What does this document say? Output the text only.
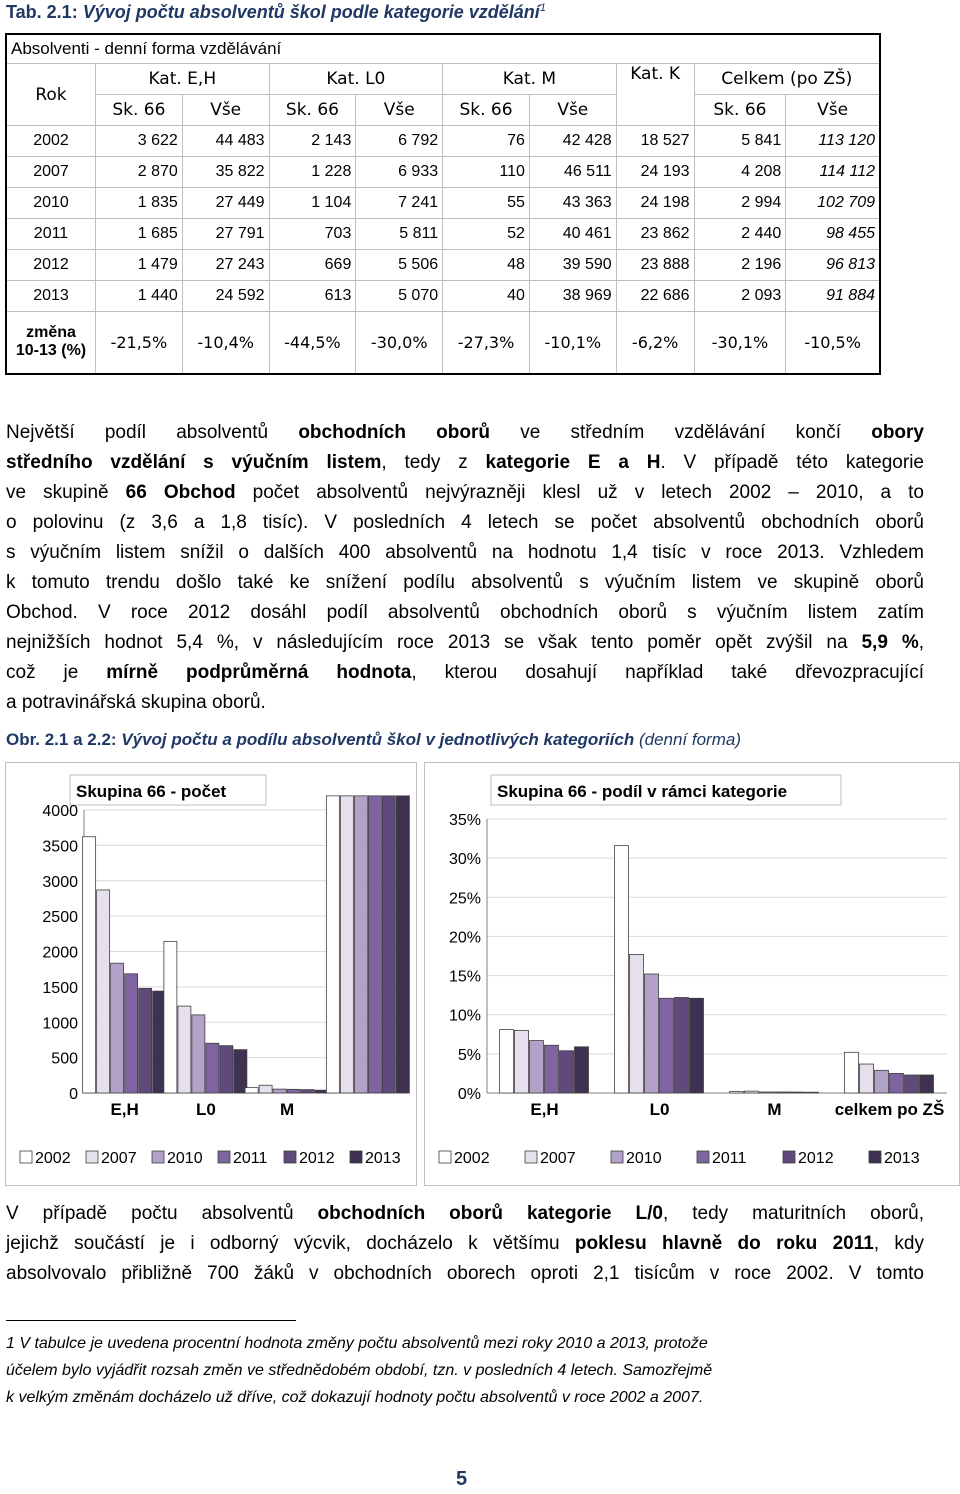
Tab. 2.1: Vývoj počtu absolventů škol podle kategorie vzdělání$^1$
Absolventi - denní forma vzdělávání									
Rok	Kat. E,H		Kat. L0		Kat. M		Kat. K	Celkem (po ZŠ)	
	Sk. 66	Vše	Sk. 66	Vše	Sk. 66	Vše		Sk. 66	Vše
2002	3 622	44 483	2 143	6 792	76	42 428	18 527	5 841	113 120
2007	2 870	35 822	1 228	6 933	110	46 511	24 193	4 208	114 112
2010	1 835	27 449	1 104	7 241	55	43 363	24 198	2 994	102 709
2011	1 685	27 791	703	5 811	52	40 461	23 862	2 440	98 455
2012	1 479	27 243	669	5 506	48	39 590	23 888	2 196	96 813
2013	1 440	24 592	613	5 070	40	38 969	22 686	2 093	91 884
změna
10-13 (%)	-21,5%	-10,4%	-44,5%	-30,0%	-27,3%	-10,1%	-6,2%	-30,1%	-10,5%
Největší podíl absolventů obchodních oborů ve středním vzdělávání končí obory
středního vzdělání s výučním listem, tedy z kategorie E a H. V případě této kategorie
ve skupině 66 Obchod počet absolventů nejvýrazněji klesl už v letech 2002 – 2010, a to
o polovinu (z 3,6 a 1,8 tisíc). V posledních 4 letech se počet absolventů obchodních oborů
s výučním listem snížil o dalších 400 absolventů na hodnotu 1,4 tisíc v roce 2013. Vzhledem
k tomuto trendu došlo také ke snížení podílu absolventů s výučním listem ve skupině oborů
Obchod. V roce 2012 dosáhl podíl absolventů obchodních oborů s výučním listem zatím
nejnižších hodnot 5,4 %, v následujícím roce 2013 se však tento poměr opět zvýšil na 5,9 %,
což je mírně podprůměrná hodnota, kterou dosahují například také dřevozpracující
a potravinářská skupina oborů.
Obr. 2.1 a 2.2: Vývoj počtu a podílu absolventů škol v jednotlivých kategoriích (denní forma)
Skupina 66 - počet
0
500
1000
1500
2000
2500
3000
3500
4000
E,H	L0	M
2002 2007 2010 2011 2012 2013
Skupina 66 - podíl v rámci kategorie
0%
5%
10%
15%
20%
25%
30%
35%
E,H	L0	M	celkem po ZŠ
2002	2007	2010	2011	2012	2013
V případě počtu absolventů obchodních oborů kategorie L/0, tedy maturitních oborů,
jejichž součástí je i odborný výcvik, docházelo k většímu poklesu hlavně do roku 2011, kdy
absolvovalo přibližně 700 žáků v obchodních oborech oproti 2,1 tisícům v roce 2002. V tomto
1 V tabulce je uvedena procentní hodnota změny počtu absolventů mezi roky 2010 a 2013, protože
účelem bylo vyjádřit rozsah změn ve střednědobém období, tzn. v posledních 4 letech. Samozřejmě
k velkým změnám docházelo už dříve, což dokazují hodnoty počtu absolventů v roce 2002 a 2007.
5
